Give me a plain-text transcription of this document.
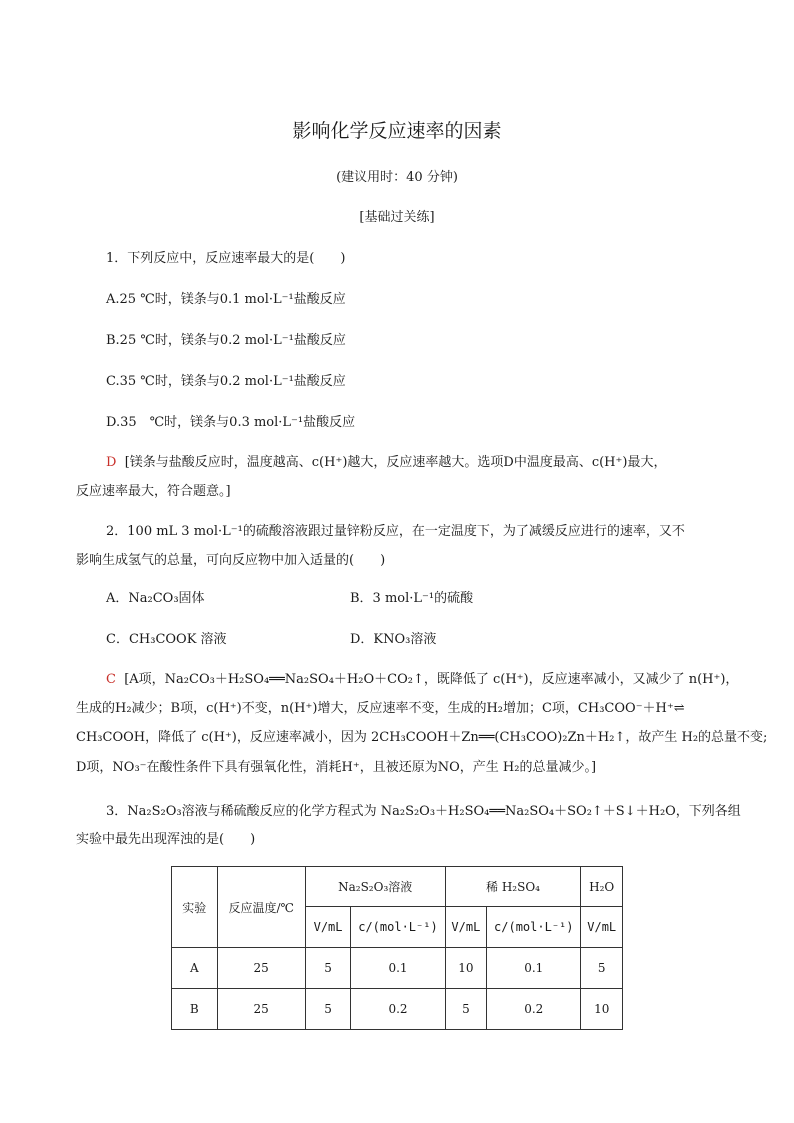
影响化学反应速率的因素
(建议用时：40 分钟)
[基础过关练]
1．下列反应中，反应速率最大的是(　　)
A.25 ℃时，镁条与0.1 mol·L⁻¹盐酸反应
B.25 ℃时，镁条与0.2 mol·L⁻¹盐酸反应
C.35 ℃时，镁条与0.2 mol·L⁻¹盐酸反应
D.35　℃时，镁条与0.3 mol·L⁻¹盐酸反应
D [镁条与盐酸反应时，温度越高、c(H⁺)越大，反应速率越大。选项D中温度最高、c(H⁺)最大，
反应速率最大，符合题意。]
2．100 mL 3 mol·L⁻¹的硫酸溶液跟过量锌粉反应，在一定温度下，为了减缓反应进行的速率，又不
影响生成氢气的总量，可向反应物中加入适量的(　　)
A．Na₂CO₃固体	B．3 mol·L⁻¹的硫酸
C．CH₃COOK 溶液	D．KNO₃溶液
C [A项，Na₂CO₃＋H₂SO₄══Na₂SO₄＋H₂O＋CO₂↑，既降低了 c(H⁺)，反应速率减小，又减少了 n(H⁺)，
生成的H₂减少；B项，c(H⁺)不变，n(H⁺)增大，反应速率不变，生成的H₂增加；C项，CH₃COO⁻＋H⁺⇌
CH₃COOH，降低了 c(H⁺)，反应速率减小，因为 2CH₃COOH＋Zn══(CH₃COO)₂Zn＋H₂↑，故产生 H₂的总量不变;
D项，NO₃⁻在酸性条件下具有强氧化性，消耗H⁺，且被还原为NO，产生 H₂的总量减少。]
3．Na₂S₂O₃溶液与稀硫酸反应的化学方程式为 Na₂S₂O₃＋H₂SO₄══Na₂SO₄＋SO₂↑＋S↓＋H₂O，下列各组
实验中最先出现浑浊的是(　　)
实验	反应温度/℃	Na₂S₂O₃溶液		稀 H₂SO₄		H₂O
		V/mL	c/(mol·L⁻¹)	V/mL	c/(mol·L⁻¹)	V/mL
A	25	5	0.1	10	0.1	5
B	25	5	0.2	5	0.2	10
